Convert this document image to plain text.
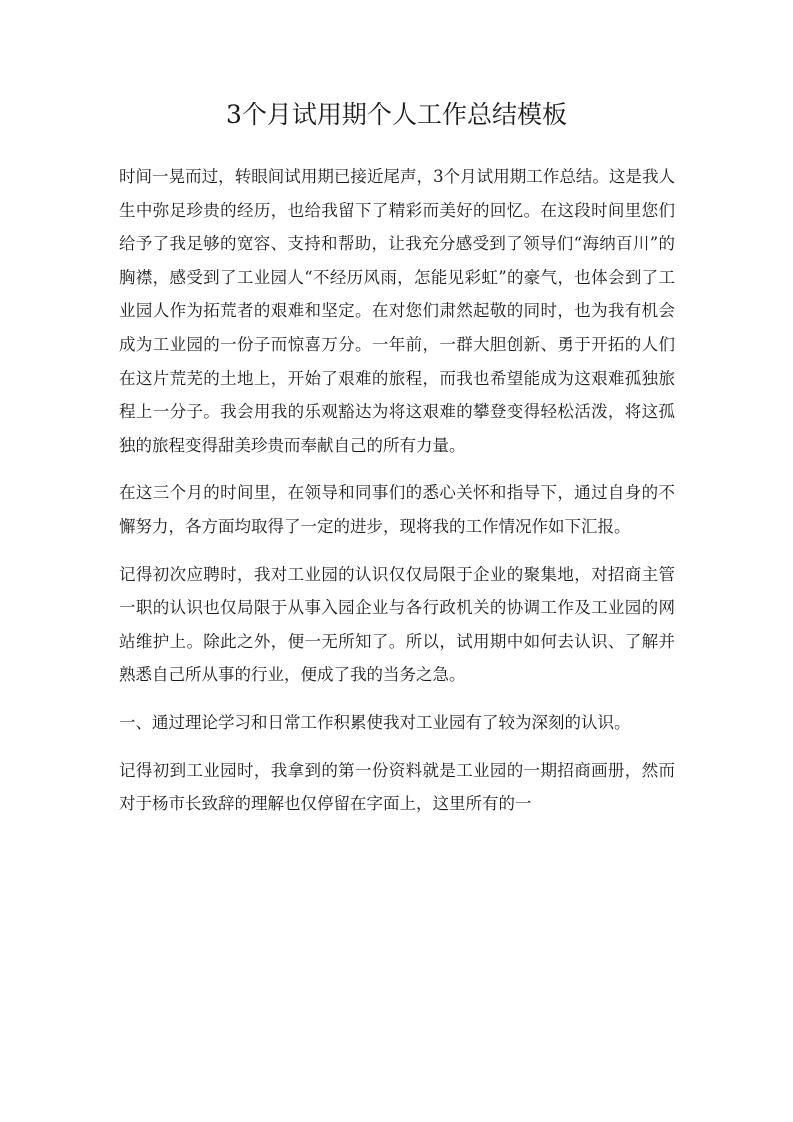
3个月试用期个人工作总结模板

时间一晃而过，转眼间试用期已接近尾声，3个月试用期工作总结。这是我人生中弥足珍贵的经历，也给我留下了精彩而美好的回忆。在这段时间里您们给予了我足够的宽容、支持和帮助，让我充分感受到了领导们“海纳百川”的胸襟，感受到了工业园人“不经历风雨，怎能见彩虹”的豪气，也体会到了工业园人作为拓荒者的艰难和坚定。在对您们肃然起敬的同时，也为我有机会成为工业园的一份子而惊喜万分。一年前，一群大胆创新、勇于开拓的人们在这片荒芜的土地上，开始了艰难的旅程，而我也希望能成为这艰难孤独旅程上一分子。我会用我的乐观豁达为将这艰难的攀登变得轻松活泼，将这孤独的旅程变得甜美珍贵而奉献自己的所有力量。

在这三个月的时间里，在领导和同事们的悉心关怀和指导下，通过自身的不懈努力，各方面均取得了一定的进步，现将我的工作情况作如下汇报。

记得初次应聘时，我对工业园的认识仅仅局限于企业的聚集地，对招商主管一职的认识也仅局限于从事入园企业与各行政机关的协调工作及工业园的网站维护上。除此之外，便一无所知了。所以，试用期中如何去认识、了解并熟悉自己所从事的行业，便成了我的当务之急。

一、通过理论学习和日常工作积累使我对工业园有了较为深刻的认识。

记得初到工业园时，我拿到的第一份资料就是工业园的一期招商画册，然而对于杨市长致辞的理解也仅停留在字面上，这里所有的一
